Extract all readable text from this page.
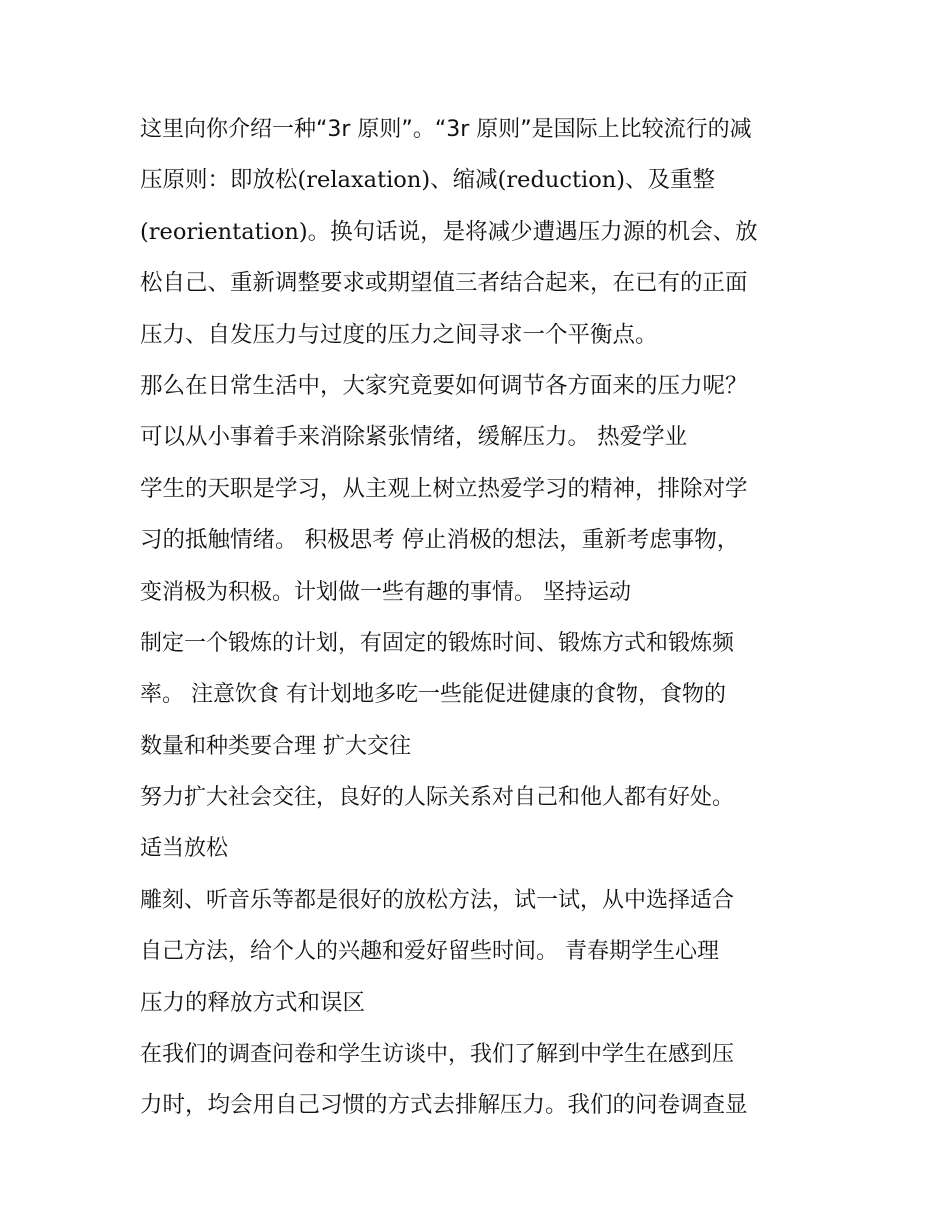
这里向你介绍一种“3r 原则”。“3r 原则”是国际上比较流行的减
压原则：即放松(relaxation)、缩减(reduction)、及重整
(reorientation)。换句话说，是将减少遭遇压力源的机会、放
松自己、重新调整要求或期望值三者结合起来，在已有的正面
压力、自发压力与过度的压力之间寻求一个平衡点。
那么在日常生活中，大家究竟要如何调节各方面来的压力呢？
可以从小事着手来消除紧张情绪，缓解压力。 热爱学业
学生的天职是学习，从主观上树立热爱学习的精神，排除对学
习的抵触情绪。 积极思考 停止消极的想法，重新考虑事物，
变消极为积极。计划做一些有趣的事情。 坚持运动
制定一个锻炼的计划，有固定的锻炼时间、锻炼方式和锻炼频
率。 注意饮食 有计划地多吃一些能促进健康的食物，食物的
数量和种类要合理 扩大交往
努力扩大社会交往，良好的人际关系对自己和他人都有好处。
适当放松
雕刻、听音乐等都是很好的放松方法，试一试，从中选择适合
自己方法，给个人的兴趣和爱好留些时间。 青春期学生心理
压力的释放方式和误区
在我们的调查问卷和学生访谈中，我们了解到中学生在感到压
力时，均会用自己习惯的方式去排解压力。我们的问卷调查显
